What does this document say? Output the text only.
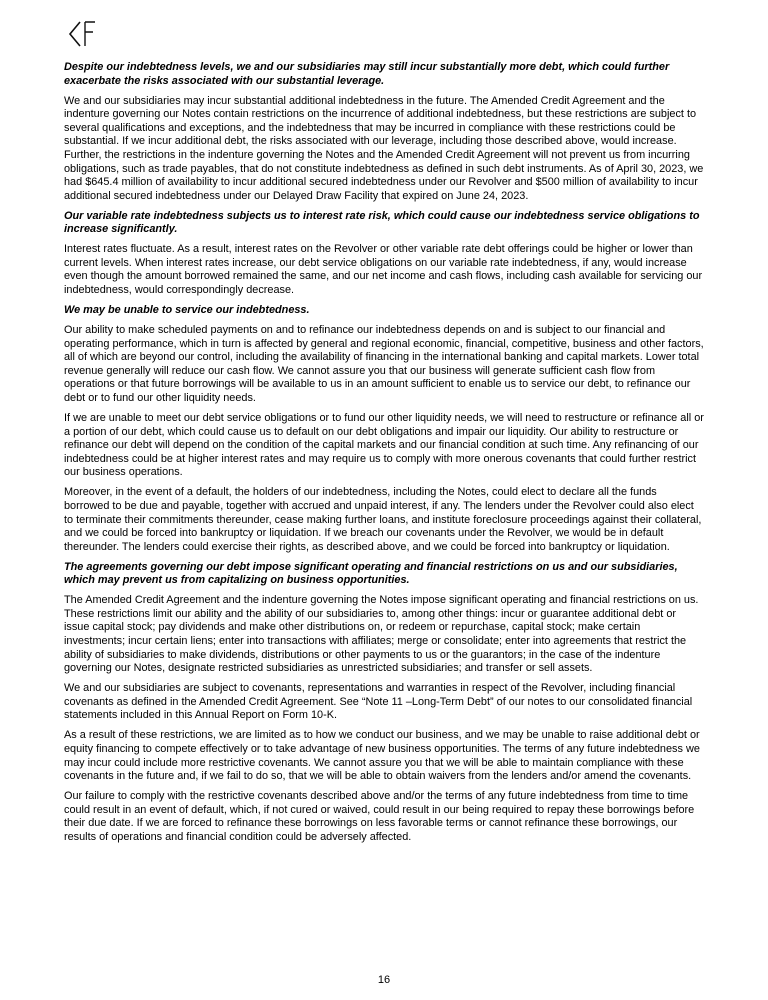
Despite our indebtedness levels, we and our subsidiaries may still incur substantially more debt, which could further exacerbate the risks associated with our substantial leverage.

We and our subsidiaries may incur substantial additional indebtedness in the future. The Amended Credit Agreement and the indenture governing our Notes contain restrictions on the incurrence of additional indebtedness, but these restrictions are subject to several qualifications and exceptions, and the indebtedness that may be incurred in compliance with these restrictions could be substantial. If we incur additional debt, the risks associated with our leverage, including those described above, would increase. Further, the restrictions in the indenture governing the Notes and the Amended Credit Agreement will not prevent us from incurring obligations, such as trade payables, that do not constitute indebtedness as defined in such debt instruments. As of April 30, 2023, we had $645.4 million of availability to incur additional secured indebtedness under our Revolver and $500 million of availability to incur additional secured indebtedness under our Delayed Draw Facility that expired on June 24, 2023.

Our variable rate indebtedness subjects us to interest rate risk, which could cause our indebtedness service obligations to increase significantly.

Interest rates fluctuate. As a result, interest rates on the Revolver or other variable rate debt offerings could be higher or lower than current levels. When interest rates increase, our debt service obligations on our variable rate indebtedness, if any, would increase even though the amount borrowed remained the same, and our net income and cash flows, including cash available for servicing our indebtedness, would correspondingly decrease.

We may be unable to service our indebtedness.

Our ability to make scheduled payments on and to refinance our indebtedness depends on and is subject to our financial and operating performance, which in turn is affected by general and regional economic, financial, competitive, business and other factors, all of which are beyond our control, including the availability of financing in the international banking and capital markets. Lower total revenue generally will reduce our cash flow. We cannot assure you that our business will generate sufficient cash flow from operations or that future borrowings will be available to us in an amount sufficient to enable us to service our debt, to refinance our debt or to fund our other liquidity needs.

If we are unable to meet our debt service obligations or to fund our other liquidity needs, we will need to restructure or refinance all or a portion of our debt, which could cause us to default on our debt obligations and impair our liquidity. Our ability to restructure or refinance our debt will depend on the condition of the capital markets and our financial condition at such time. Any refinancing of our indebtedness could be at higher interest rates and may require us to comply with more onerous covenants that could further restrict our business operations.

Moreover, in the event of a default, the holders of our indebtedness, including the Notes, could elect to declare all the funds borrowed to be due and payable, together with accrued and unpaid interest, if any. The lenders under the Revolver could also elect to terminate their commitments thereunder, cease making further loans, and institute foreclosure proceedings against their collateral, and we could be forced into bankruptcy or liquidation. If we breach our covenants under the Revolver, we would be in default thereunder. The lenders could exercise their rights, as described above, and we could be forced into bankruptcy or liquidation.

The agreements governing our debt impose significant operating and financial restrictions on us and our subsidiaries, which may prevent us from capitalizing on business opportunities.

The Amended Credit Agreement and the indenture governing the Notes impose significant operating and financial restrictions on us. These restrictions limit our ability and the ability of our subsidiaries to, among other things: incur or guarantee additional debt or issue capital stock; pay dividends and make other distributions on, or redeem or repurchase, capital stock; make certain investments; incur certain liens; enter into transactions with affiliates; merge or consolidate; enter into agreements that restrict the ability of subsidiaries to make dividends, distributions or other payments to us or the guarantors; in the case of the indenture governing our Notes, designate restricted subsidiaries as unrestricted subsidiaries; and transfer or sell assets.

We and our subsidiaries are subject to covenants, representations and warranties in respect of the Revolver, including financial covenants as defined in the Amended Credit Agreement. See “Note 11 –Long-Term Debt” of our notes to our consolidated financial statements included in this Annual Report on Form 10-K.

As a result of these restrictions, we are limited as to how we conduct our business, and we may be unable to raise additional debt or equity financing to compete effectively or to take advantage of new business opportunities. The terms of any future indebtedness we may incur could include more restrictive covenants. We cannot assure you that we will be able to maintain compliance with these covenants in the future and, if we fail to do so, that we will be able to obtain waivers from the lenders and/or amend the covenants.

Our failure to comply with the restrictive covenants described above and/or the terms of any future indebtedness from time to time could result in an event of default, which, if not cured or waived, could result in our being required to repay these borrowings before their due date. If we are forced to refinance these borrowings on less favorable terms or cannot refinance these borrowings, our results of operations and financial condition could be adversely affected.

16
